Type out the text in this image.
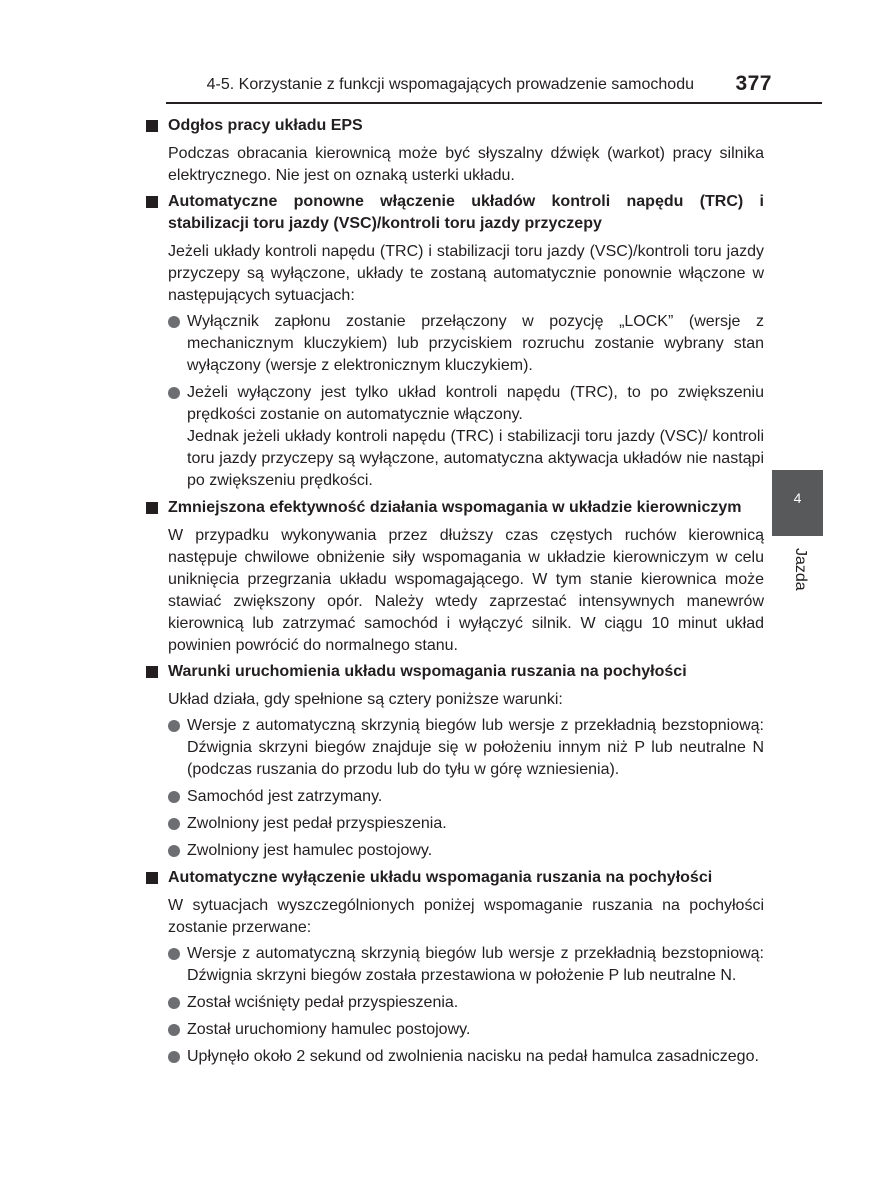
4-5. Korzystanie z funkcji wspomagających prowadzenie samochodu 377
Odgłos pracy układu EPS

Podczas obracania kierownicą może być słyszalny dźwięk (warkot) pracy silnika elektrycznego. Nie jest on oznaką usterki układu.

Automatyczne ponowne włączenie układów kontroli napędu (TRC) i stabilizacji toru jazdy (VSC)/kontroli toru jazdy przyczepy

Jeżeli układy kontroli napędu (TRC) i stabilizacji toru jazdy (VSC)/kontroli toru jazdy przyczepy są wyłączone, układy te zostaną automatycznie ponownie włączone w następujących sytuacjach:

Wyłącznik zapłonu zostanie przełączony w pozycję „LOCK” (wersje z mechanicznym kluczykiem) lub przyciskiem rozruchu zostanie wybrany stan wyłączony (wersje z elektronicznym kluczykiem).
Jeżeli wyłączony jest tylko układ kontroli napędu (TRC), to po zwiększeniu prędkości zostanie on automatycznie włączony.
Jednak jeżeli układy kontroli napędu (TRC) i stabilizacji toru jazdy (VSC)/ kontroli toru jazdy przyczepy są wyłączone, automatyczna aktywacja układów nie nastąpi po zwiększeniu prędkości.
Zmniejszona efektywność działania wspomagania w układzie kierowniczym

W przypadku wykonywania przez dłuższy czas częstych ruchów kierownicą następuje chwilowe obniżenie siły wspomagania w układzie kierowniczym w celu uniknięcia przegrzania układu wspomagającego. W tym stanie kierownica może stawiać zwiększony opór. Należy wtedy zaprzestać intensywnych manewrów kierownicą lub zatrzymać samochód i wyłączyć silnik. W ciągu 10 minut układ powinien powrócić do normalnego stanu.

Warunki uruchomienia układu wspomagania ruszania na pochyłości

Układ działa, gdy spełnione są cztery poniższe warunki:

Wersje z automatyczną skrzynią biegów lub wersje z przekładnią bezstopniową: Dźwignia skrzyni biegów znajduje się w położeniu innym niż P lub neutralne N (podczas ruszania do przodu lub do tyłu w górę wzniesienia).
Samochód jest zatrzymany.
Zwolniony jest pedał przyspieszenia.
Zwolniony jest hamulec postojowy.
Automatyczne wyłączenie układu wspomagania ruszania na pochyłości

W sytuacjach wyszczególnionych poniżej wspomaganie ruszania na pochyłości zostanie przerwane:

Wersje z automatyczną skrzynią biegów lub wersje z przekładnią bezstopniową: Dźwignia skrzyni biegów została przestawiona w położenie P lub neutralne N.
Został wciśnięty pedał przyspieszenia.
Został uruchomiony hamulec postojowy.
Upłynęło około 2 sekund od zwolnienia nacisku na pedał hamulca zasadniczego.
4
Jazda
